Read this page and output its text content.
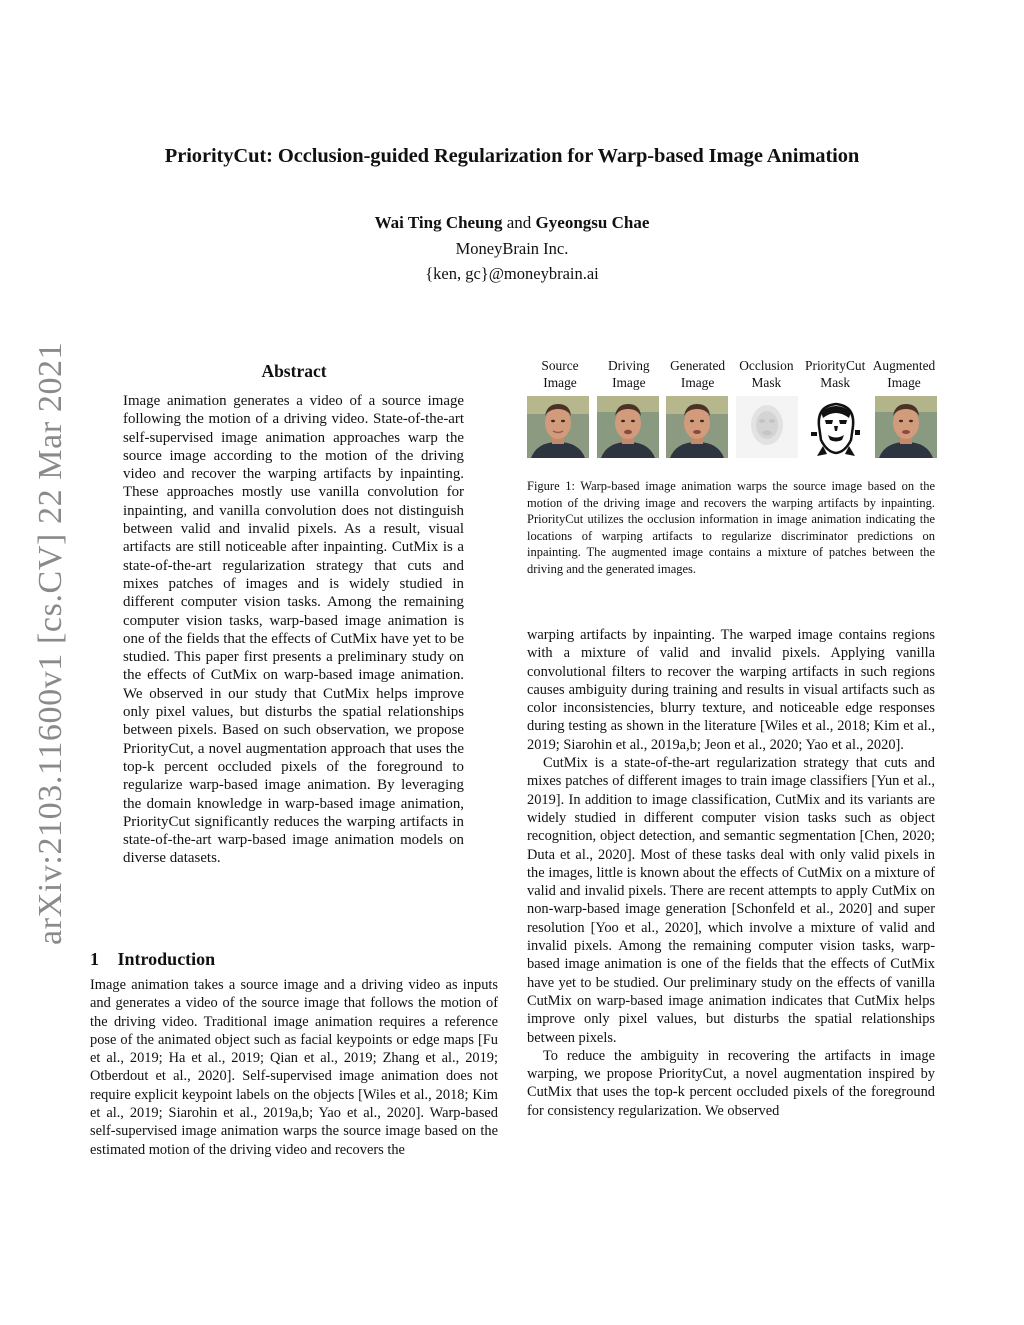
PriorityCut: Occlusion-guided Regularization for Warp-based Image Animation
Wai Ting Cheung and Gyeongsu Chae
MoneyBrain Inc.
{ken, gc}@moneybrain.ai
arXiv:2103.11600v1 [cs.CV] 22 Mar 2021	Abstract
Image animation generates a video of a source image following the motion of a driving video. State-of-the-art self-supervised image animation approaches warp the source image according to the motion of the driving video and recover the warping artifacts by inpainting. These approaches mostly use vanilla convolution for inpainting, and vanilla convolution does not distinguish between valid and invalid pixels. As a result, visual artifacts are still noticeable after inpainting. CutMix is a state-of-the-art regularization strategy that cuts and mixes patches of images and is widely studied in different computer vision tasks. Among the remaining computer vision tasks, warp-based image animation is one of the fields that the effects of CutMix have yet to be studied. This paper first presents a preliminary study on the effects of CutMix on warp-based image animation. We observed in our study that CutMix helps improve only pixel values, but disturbs the spatial relationships between pixels. Based on such observation, we propose PriorityCut, a novel augmentation approach that uses the top-k percent occluded pixels of the foreground to regularize warp-based image animation. By leveraging the domain knowledge in warp-based image animation, PriorityCut significantly reduces the warping artifacts in state-of-the-art warp-based image animation models on diverse datasets.
1 Introduction

Image animation takes a source image and a driving video as inputs and generates a video of the source image that follows the motion of the driving video. Traditional image animation requires a reference pose of the animated object such as facial keypoints or edge maps [Fu et al., 2019; Ha et al., 2019; Qian et al., 2019; Zhang et al., 2019; Otberdout et al., 2020]. Self-supervised image animation does not require explicit keypoint labels on the objects [Wiles et al., 2018; Kim et al., 2019; Siarohin et al., 2019a,b; Yao et al., 2020]. Warp-based self-supervised image animation warps the source image based on the estimated motion of the driving video and recovers the

Source
Image
Driving
Image
Generated
Image
Occlusion
Mask
PriorityCut
Mask
Augmented
Image
Figure 1: Warp-based image animation warps the source image based on the motion of the driving image and recovers the warping artifacts by inpainting. PriorityCut utilizes the occlusion information in image animation indicating the locations of warping artifacts to regularize discriminator predictions on inpainting. The augmented image contains a mixture of patches between the driving and the generated images.

warping artifacts by inpainting. The warped image contains regions with a mixture of valid and invalid pixels. Applying vanilla convolutional filters to recover the warping artifacts in such regions causes ambiguity during training and results in visual artifacts such as color inconsistencies, blurry texture, and noticeable edge responses during testing as shown in the literature [Wiles et al., 2018; Kim et al., 2019; Siarohin et al., 2019a,b; Jeon et al., 2020; Yao et al., 2020].

CutMix is a state-of-the-art regularization strategy that cuts and mixes patches of different images to train image classifiers [Yun et al., 2019]. In addition to image classification, CutMix and its variants are widely studied in different computer vision tasks such as object recognition, object detection, and semantic segmentation [Chen, 2020; Duta et al., 2020]. Most of these tasks deal with only valid pixels in the images, little is known about the effects of CutMix on a mixture of valid and invalid pixels. There are recent attempts to apply CutMix on non-warp-based image generation [Schonfeld et al., 2020] and super resolution [Yoo et al., 2020], which involve a mixture of valid and invalid pixels. Among the remaining computer vision tasks, warp-based image animation is one of the fields that the effects of CutMix have yet to be studied. Our preliminary study on the effects of vanilla CutMix on warp-based image animation indicates that CutMix helps improve only pixel values, but disturbs the spatial relationships between pixels.

To reduce the ambiguity in recovering the artifacts in image warping, we propose PriorityCut, a novel augmentation inspired by CutMix that uses the top-k percent occluded pixels of the foreground for consistency regularization. We observed
